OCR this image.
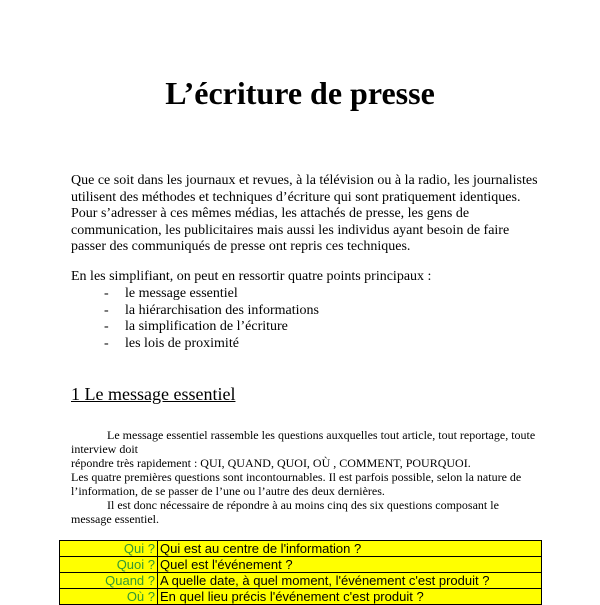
L’écriture de presse

Que ce soit dans les journaux et revues, à la télévision ou à la radio, les journalistes utilisent des méthodes et techniques d’écriture qui sont pratiquement identiques. Pour s’adresser à ces mêmes médias, les attachés de presse, les gens de communication, les publicitaires mais aussi les individus ayant besoin de faire passer des communiqués de presse ont repris ces techniques.

En les simplifiant, on peut en ressortir quatre points principaux :

-	le message essentiel
-	la hiérarchisation des informations
-	la simplification de l’écriture
-	les lois de proximité
1 Le message essentiel

Le message essentiel rassemble les questions auxquelles tout article, tout reportage, toute interview doit
répondre très rapidement : QUI, QUAND, QUOI, OÙ , COMMENT, POURQUOI.

Les quatre premières questions sont incontournables. Il est parfois possible, selon la nature de l’information, de se passer de l’une ou l’autre des deux dernières.

Il est donc nécessaire de répondre à au moins cinq des six questions composant le message essentiel.

Qui ?	Qui est au centre de l'information ?
Quoi ?	Quel est l'événement ?
Quand ?	A quelle date, à quel moment, l'événement c'est produit ?
Où ?	En quel lieu précis l'événement c'est produit ?
